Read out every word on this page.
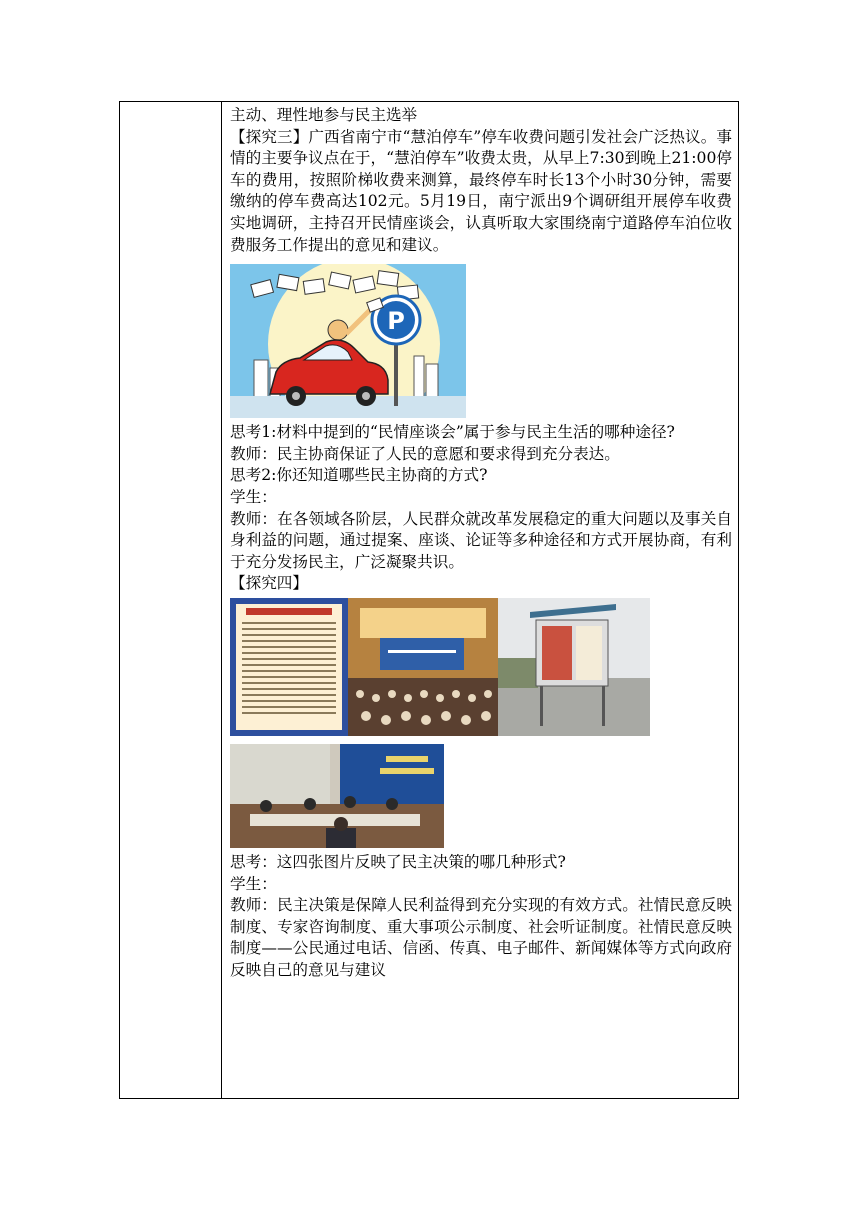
主动、理性地参与民主选举

【探究三】广西省南宁市“慧泊停车”停车收费问题引发社会广泛热议。事情的主要争议点在于，“慧泊停车”收费太贵，从早上7:30到晚上21:00停车的费用，按照阶梯收费来测算，最终停车时长13个小时30分钟，需要缴纳的停车费高达102元。5月19日，南宁派出9个调研组开展停车收费实地调研，主持召开民情座谈会，认真听取大家围绕南宁道路停车泊位收费服务工作提出的意见和建议。

P

思考1:材料中提到的“民情座谈会”属于参与民主生活的哪种途径?

教师：民主协商保证了人民的意愿和要求得到充分表达。

思考2:你还知道哪些民主协商的方式?

学生：

教师：在各领域各阶层，人民群众就改革发展稳定的重大问题以及事关自身利益的问题，通过提案、座谈、论证等多种途径和方式开展协商，有利于充分发扬民主，广泛凝聚共识。

【探究四】

思考：这四张图片反映了民主决策的哪几种形式?

学生：

教师：民主决策是保障人民利益得到充分实现的有效方式。社情民意反映制度、专家咨询制度、重大事项公示制度、社会听证制度。社情民意反映制度——公民通过电话、信函、传真、电子邮件、新闻媒体等方式向政府反映自己的意见与建议
